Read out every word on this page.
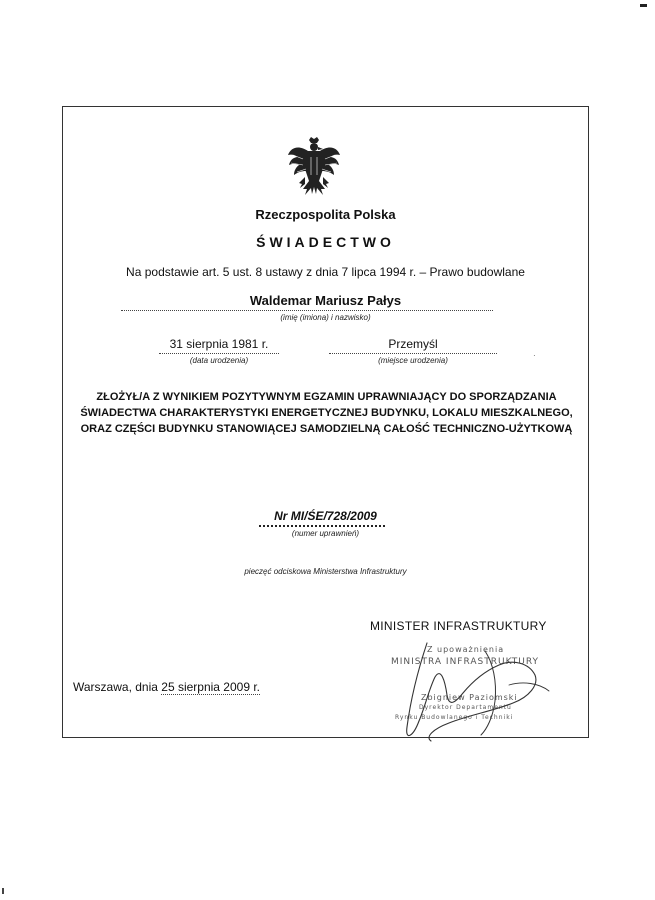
Rzeczpospolita Polska
ŚWIADECTWO
Na podstawie art. 5 ust. 8 ustawy z dnia 7 lipca 1994 r. – Prawo budowlane
Waldemar Mariusz Pałys
(imię (imiona) i nazwisko)
31 sierpnia 1981 r.
(data urodzenia)
Przemyśl
(miejsce urodzenia)
·
ZŁOŻYŁ/A Z WYNIKIEM POZYTYWNYM EGZAMIN UPRAWNIAJĄCY DO SPORZĄDZANIA ŚWIADECTWA CHARAKTERYSTYKI ENERGETYCZNEJ BUDYNKU, LOKALU MIESZKALNEGO, ORAZ CZĘŚCI BUDYNKU STANOWIĄCEJ SAMODZIELNĄ CAŁOŚĆ TECHNICZNO-UŻYTKOWĄ
Nr MI/ŚE/728/2009
(numer uprawnień)
pieczęć odciskowa Ministerstwa Infrastruktury
MINISTER INFRASTRUKTURY
Z upoważnienia
MINISTRA INFRASTRUKTURY
Zbigniew Paziomski
Dyrektor Departamentu
Rynku Budowlanego i Techniki
Warszawa, dnia 25 sierpnia 2009 r.
